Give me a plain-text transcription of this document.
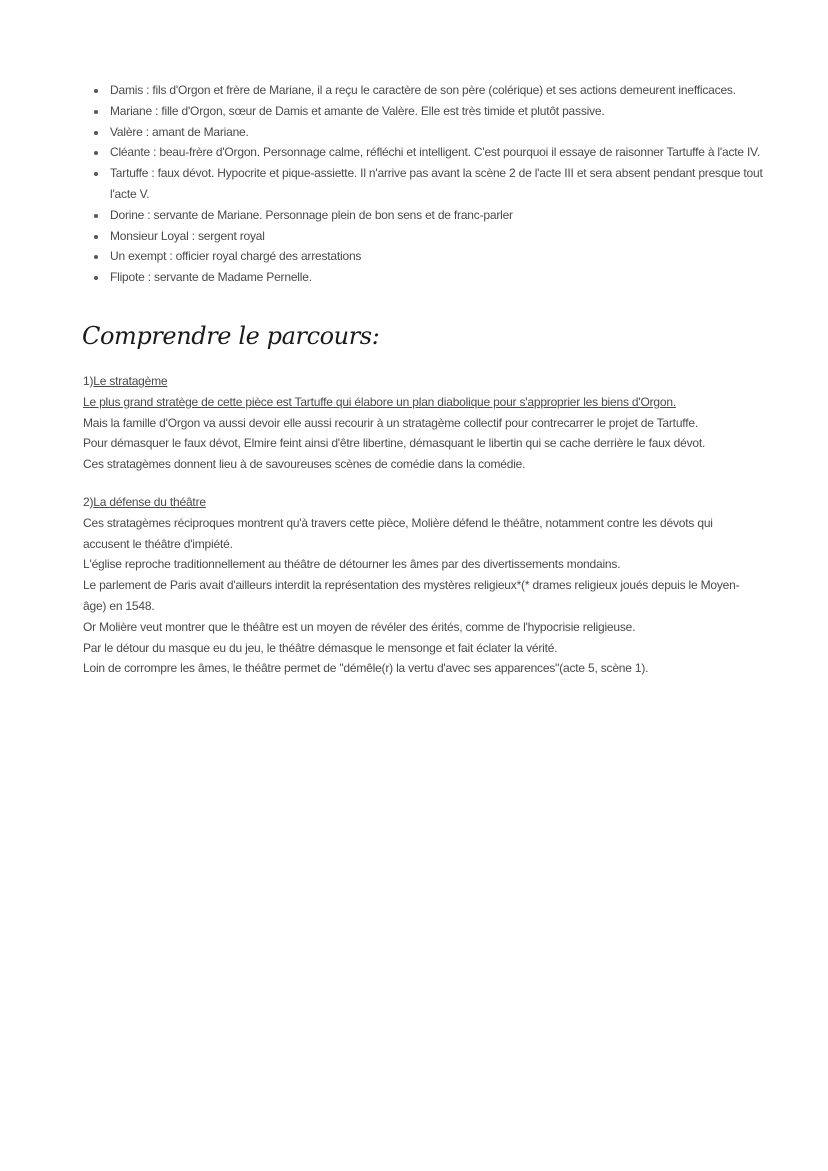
• Damis : fils d'Orgon et frère de Mariane, il a reçu le caractère de son père (colérique) et ses actions demeurent inefficaces.
• Mariane : fille d'Orgon, sœur de Damis et amante de Valère. Elle est très timide et plutôt passive.
• Valère : amant de Mariane.
• Cléante : beau-frère d'Orgon. Personnage calme, réfléchi et intelligent. C'est pourquoi il essaye de raisonner Tartuffe à l'acte IV.
• Tartuffe : faux dévot. Hypocrite et pique-assiette. Il n'arrive pas avant la scène 2 de l'acte III et sera absent pendant presque tout l'acte V.
• Dorine : servante de Mariane. Personnage plein de bon sens et de franc-parler
• Monsieur Loyal : sergent royal
• Un exempt : officier royal chargé des arrestations
• Flipote : servante de Madame Pernelle.
Comprendre le parcours:

1)Le stratagème

Le plus grand stratège de cette pièce est Tartuffe qui élabore un plan diabolique pour s'approprier les biens d'Orgon.

Mais la famille d'Orgon va aussi devoir elle aussi recourir à un stratagème collectif pour contrecarrer le projet de Tartuffe.

Pour démasquer le faux dévot, Elmire feint ainsi d'être libertine, démasquant le libertin qui se cache derrière le faux dévot.

Ces stratagèmes donnent lieu à de savoureuses scènes de comédie dans la comédie.

2)La défense du théâtre

Ces stratagèmes réciproques montrent qu'à travers cette pièce, Molière défend le théâtre, notamment contre les dévots qui accusent le théâtre d'impiété.

L'église reproche traditionnellement au théâtre de détourner les âmes par des divertissements mondains.

Le parlement de Paris avait d'ailleurs interdit la représentation des mystères religieux*(* drames religieux joués depuis le Moyen-âge) en 1548.

Or Molière veut montrer que le théâtre est un moyen de révéler des érités, comme de l'hypocrisie religieuse.

Par le détour du masque eu du jeu, le théâtre démasque le mensonge et fait éclater la vérité.

Loin de corrompre les âmes, le théâtre permet de "démêle(r) la vertu d'avec ses apparences"(acte 5, scène 1).
